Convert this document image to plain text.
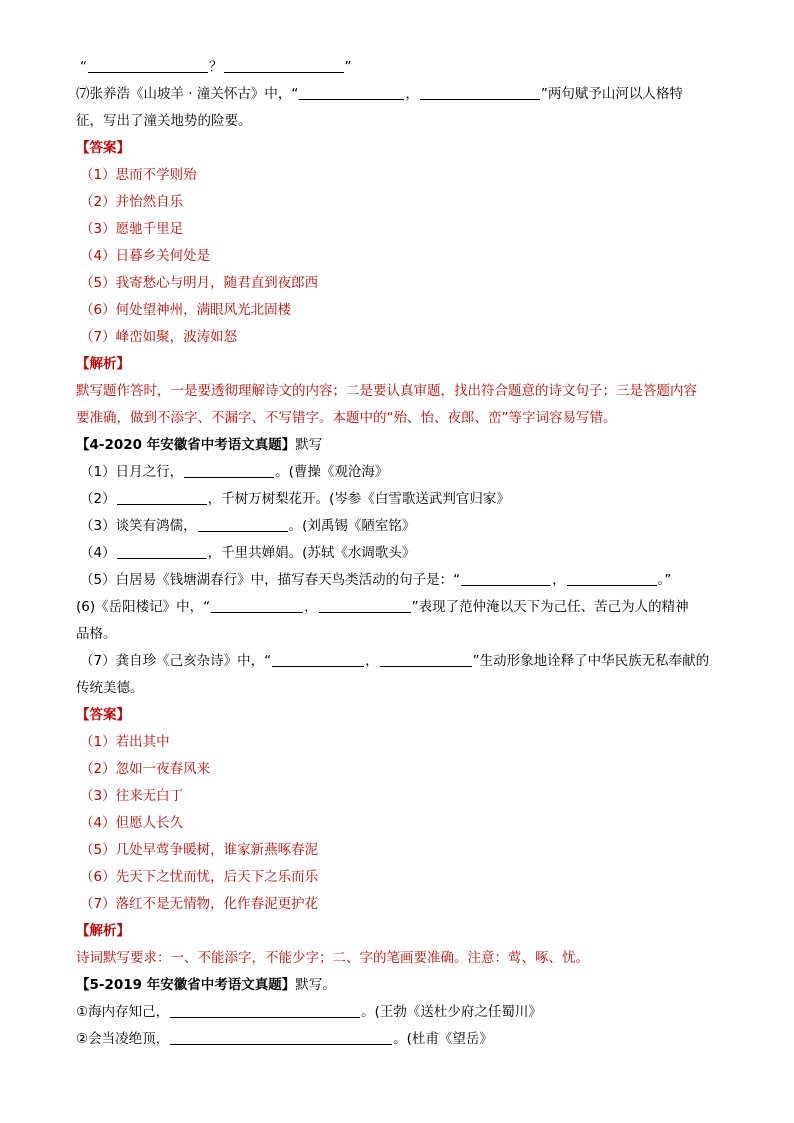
“	？	”
⑺张养浩《山坡羊 · 潼关怀古》中，“	，	”两句赋予山河以人格特
征，写出了潼关地势的险要。
【答案】
（1）思而不学则殆
（2）并怡然自乐
（3）愿驰千里足
（4）日暮乡关何处是
（5）我寄愁心与明月，随君直到夜郎西
（6）何处望神州，满眼风光北固楼
（7）峰峦如聚，波涛如怒
【解析】
默写题作答时，一是要透彻理解诗文的内容；二是要认真审题，找出符合题意的诗文句子；三是答题内容
要准确，做到不添字、不漏字、不写错字。本题中的“殆、怡、夜郎、峦”等字词容易写错。
【4-2020 年安徽省中考语文真题】默写
（1）日月之行，	。(曹操《观沧海》
（2）	，千树万树梨花开。(岑参《白雪歌送武判官归家》
（3）谈笑有鸿儒，	。(刘禹锡《陋室铭》
（4）	，千里共婵娟。(苏轼《水调歌头》
（5）白居易《钱塘湖春行》中，描写春天鸟类活动的句子是：“	，	。”
(6)《岳阳楼记》中，“	，	”表现了范仲淹以天下为己任、苦己为人的精神
品格。
（7）龚自珍《己亥杂诗》中，“	，	”生动形象地诠释了中华民族无私奉献的
传统美德。
【答案】
（1）若出其中
（2）忽如一夜春风来
（3）往来无白丁
（4）但愿人长久
（5）几处早莺争暖树，谁家新燕啄春泥
（6）先天下之忧而忧，后天下之乐而乐
（7）落红不是无情物，化作春泥更护花
【解析】
诗词默写要求：一、不能添字，不能少字；二、字的笔画要准确。注意：莺、啄、忧。
【5-2019 年安徽省中考语文真题】默写。
①海内存知己，	。(王勃《送杜少府之任蜀川》
②会当凌绝顶，	。(杜甫《望岳》
